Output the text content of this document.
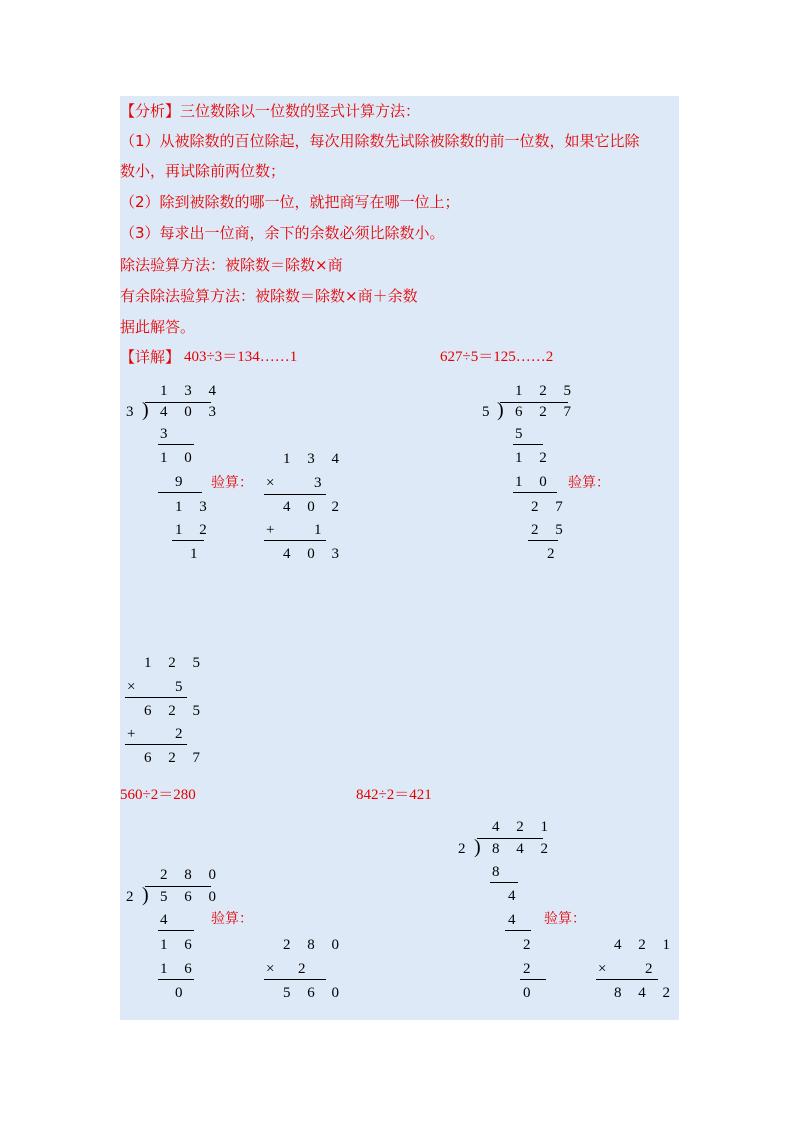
【分析】三位数除以一位数的竖式计算方法：
（1）从被除数的百位除起，每次用除数先试除被除数的前一位数，如果它比除
数小，再试除前两位数；
（2）除到被除数的哪一位，就把商写在哪一位上；
（3）每求出一位商，余下的余数必须比除数小。
除法验算方法：被除数＝除数×商
有余除法验算方法：被除数＝除数×商＋余数
据此解答。
【详解】 403÷3＝134……1	627÷5＝125……2
1 3 4
3 ) 4 0 3
3
1 0
9
1 3
1 2
1
验算：
1 3 4
× 3
4 0 2
+ 1
4 0 3
1 2 5
5 ) 6 2 7
5
1 2
1 0
2 7
2 5
2
验算：
1 2 5
× 5
6 2 5
+ 2
6 2 7
560÷2＝280	842÷2＝421
2 8 0
2 ) 5 6 0
4
1 6
1 6
0
验算：
2 8 0
× 2
5 6 0
4 2 1
2 ) 8 4 2
8
4
4
2
2
0
验算：
4 2 1
× 2
8 4 2
